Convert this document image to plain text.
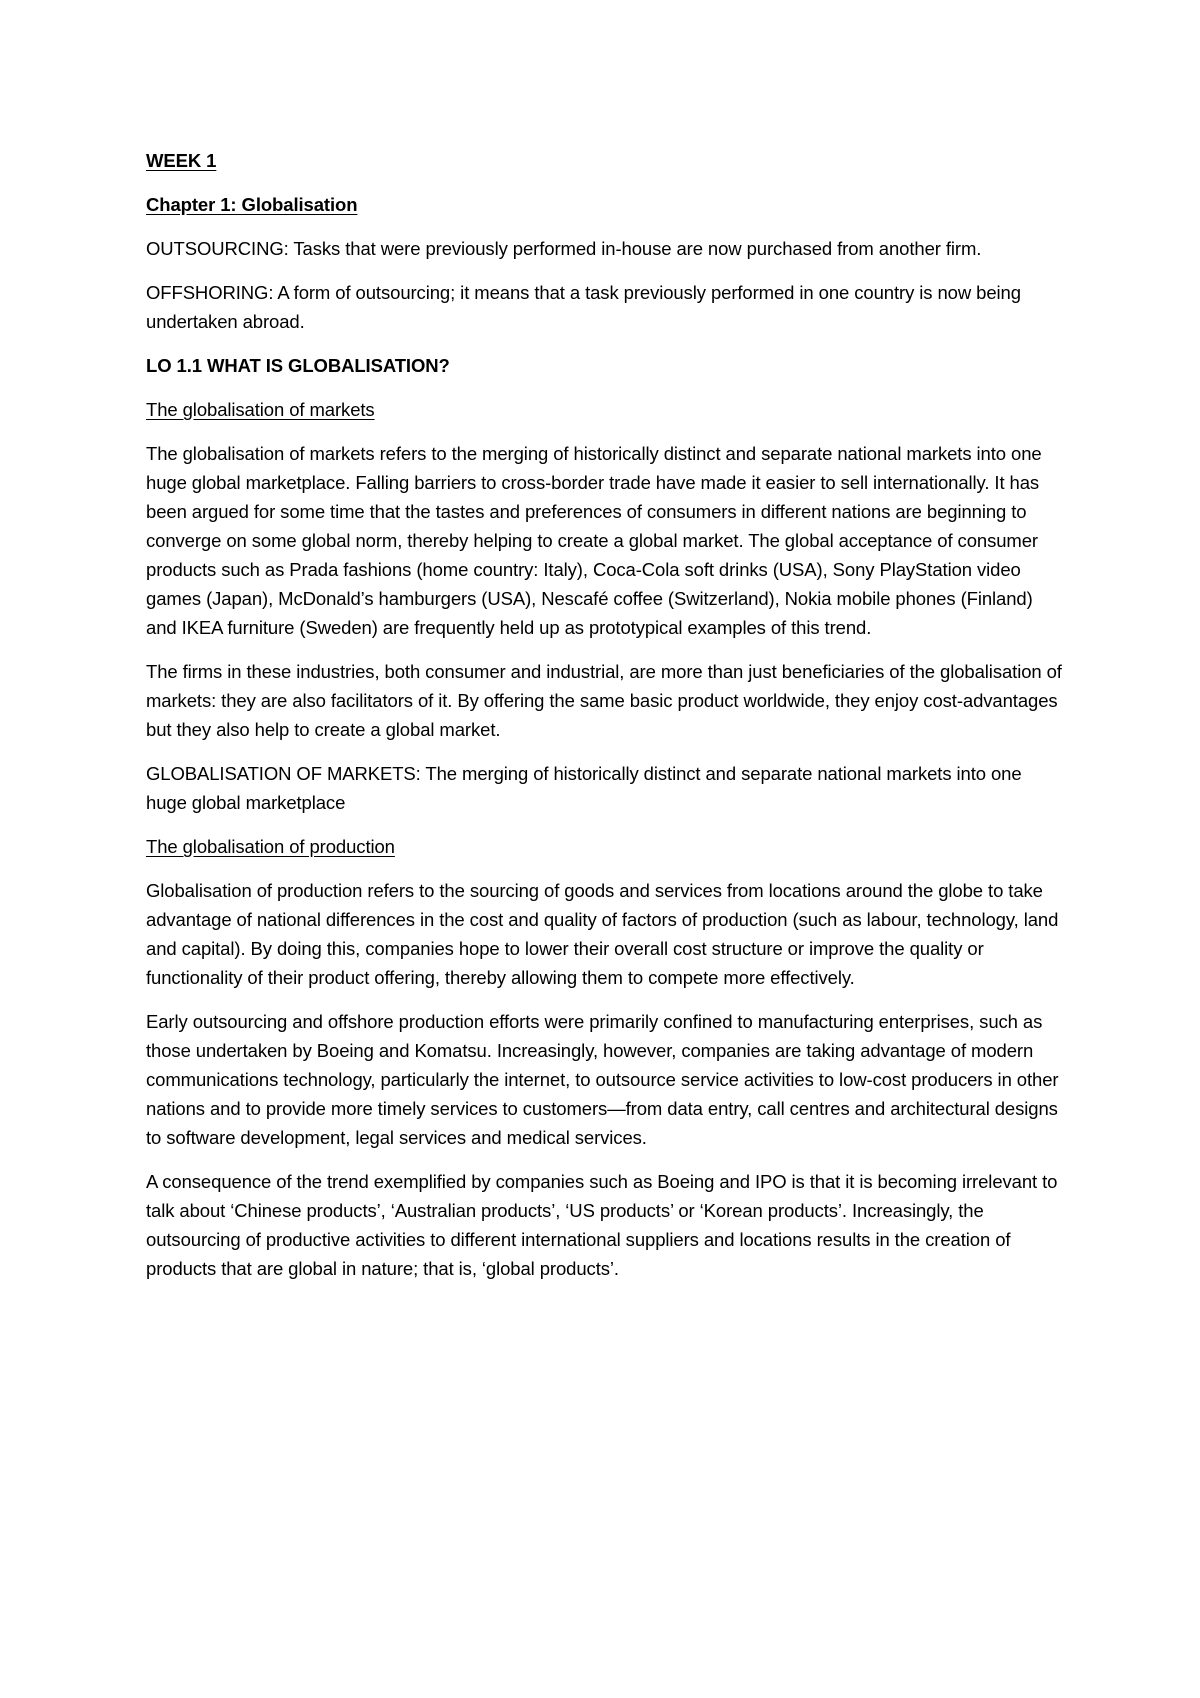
WEEK 1

Chapter 1: Globalisation

OUTSOURCING: Tasks that were previously performed in-house are now purchased from another firm.

OFFSHORING: A form of outsourcing; it means that a task previously performed in one country is now being undertaken abroad.

LO 1.1 WHAT IS GLOBALISATION?

The globalisation of markets

The globalisation of markets refers to the merging of historically distinct and separate national markets into one huge global marketplace. Falling barriers to cross-border trade have made it easier to sell internationally. It has been argued for some time that the tastes and preferences of consumers in different nations are beginning to converge on some global norm, thereby helping to create a global market. The global acceptance of consumer products such as Prada fashions (home country: Italy), Coca-Cola soft drinks (USA), Sony PlayStation video games (Japan), McDonald’s hamburgers (USA), Nescafé coffee (Switzerland), Nokia mobile phones (Finland) and IKEA furniture (Sweden) are frequently held up as prototypical examples of this trend.

The firms in these industries, both consumer and industrial, are more than just beneficiaries of the globalisation of markets: they are also facilitators of it. By offering the same basic product worldwide, they enjoy cost-advantages but they also help to create a global market.

GLOBALISATION OF MARKETS: The merging of historically distinct and separate national markets into one huge global marketplace

The globalisation of production

Globalisation of production refers to the sourcing of goods and services from locations around the globe to take advantage of national differences in the cost and quality of factors of production (such as labour, technology, land and capital). By doing this, companies hope to lower their overall cost structure or improve the quality or functionality of their product offering, thereby allowing them to compete more effectively.

Early outsourcing and offshore production efforts were primarily confined to manufacturing enterprises, such as those undertaken by Boeing and Komatsu. Increasingly, however, companies are taking advantage of modern communications technology, particularly the internet, to outsource service activities to low-cost producers in other nations and to provide more timely services to customers—from data entry, call centres and architectural designs to software development, legal services and medical services.

A consequence of the trend exemplified by companies such as Boeing and IPO is that it is becoming irrelevant to talk about ‘Chinese products’, ‘Australian products’, ‘US products’ or ‘Korean products’. Increasingly, the outsourcing of productive activities to different international suppliers and locations results in the creation of products that are global in nature; that is, ‘global products’.
